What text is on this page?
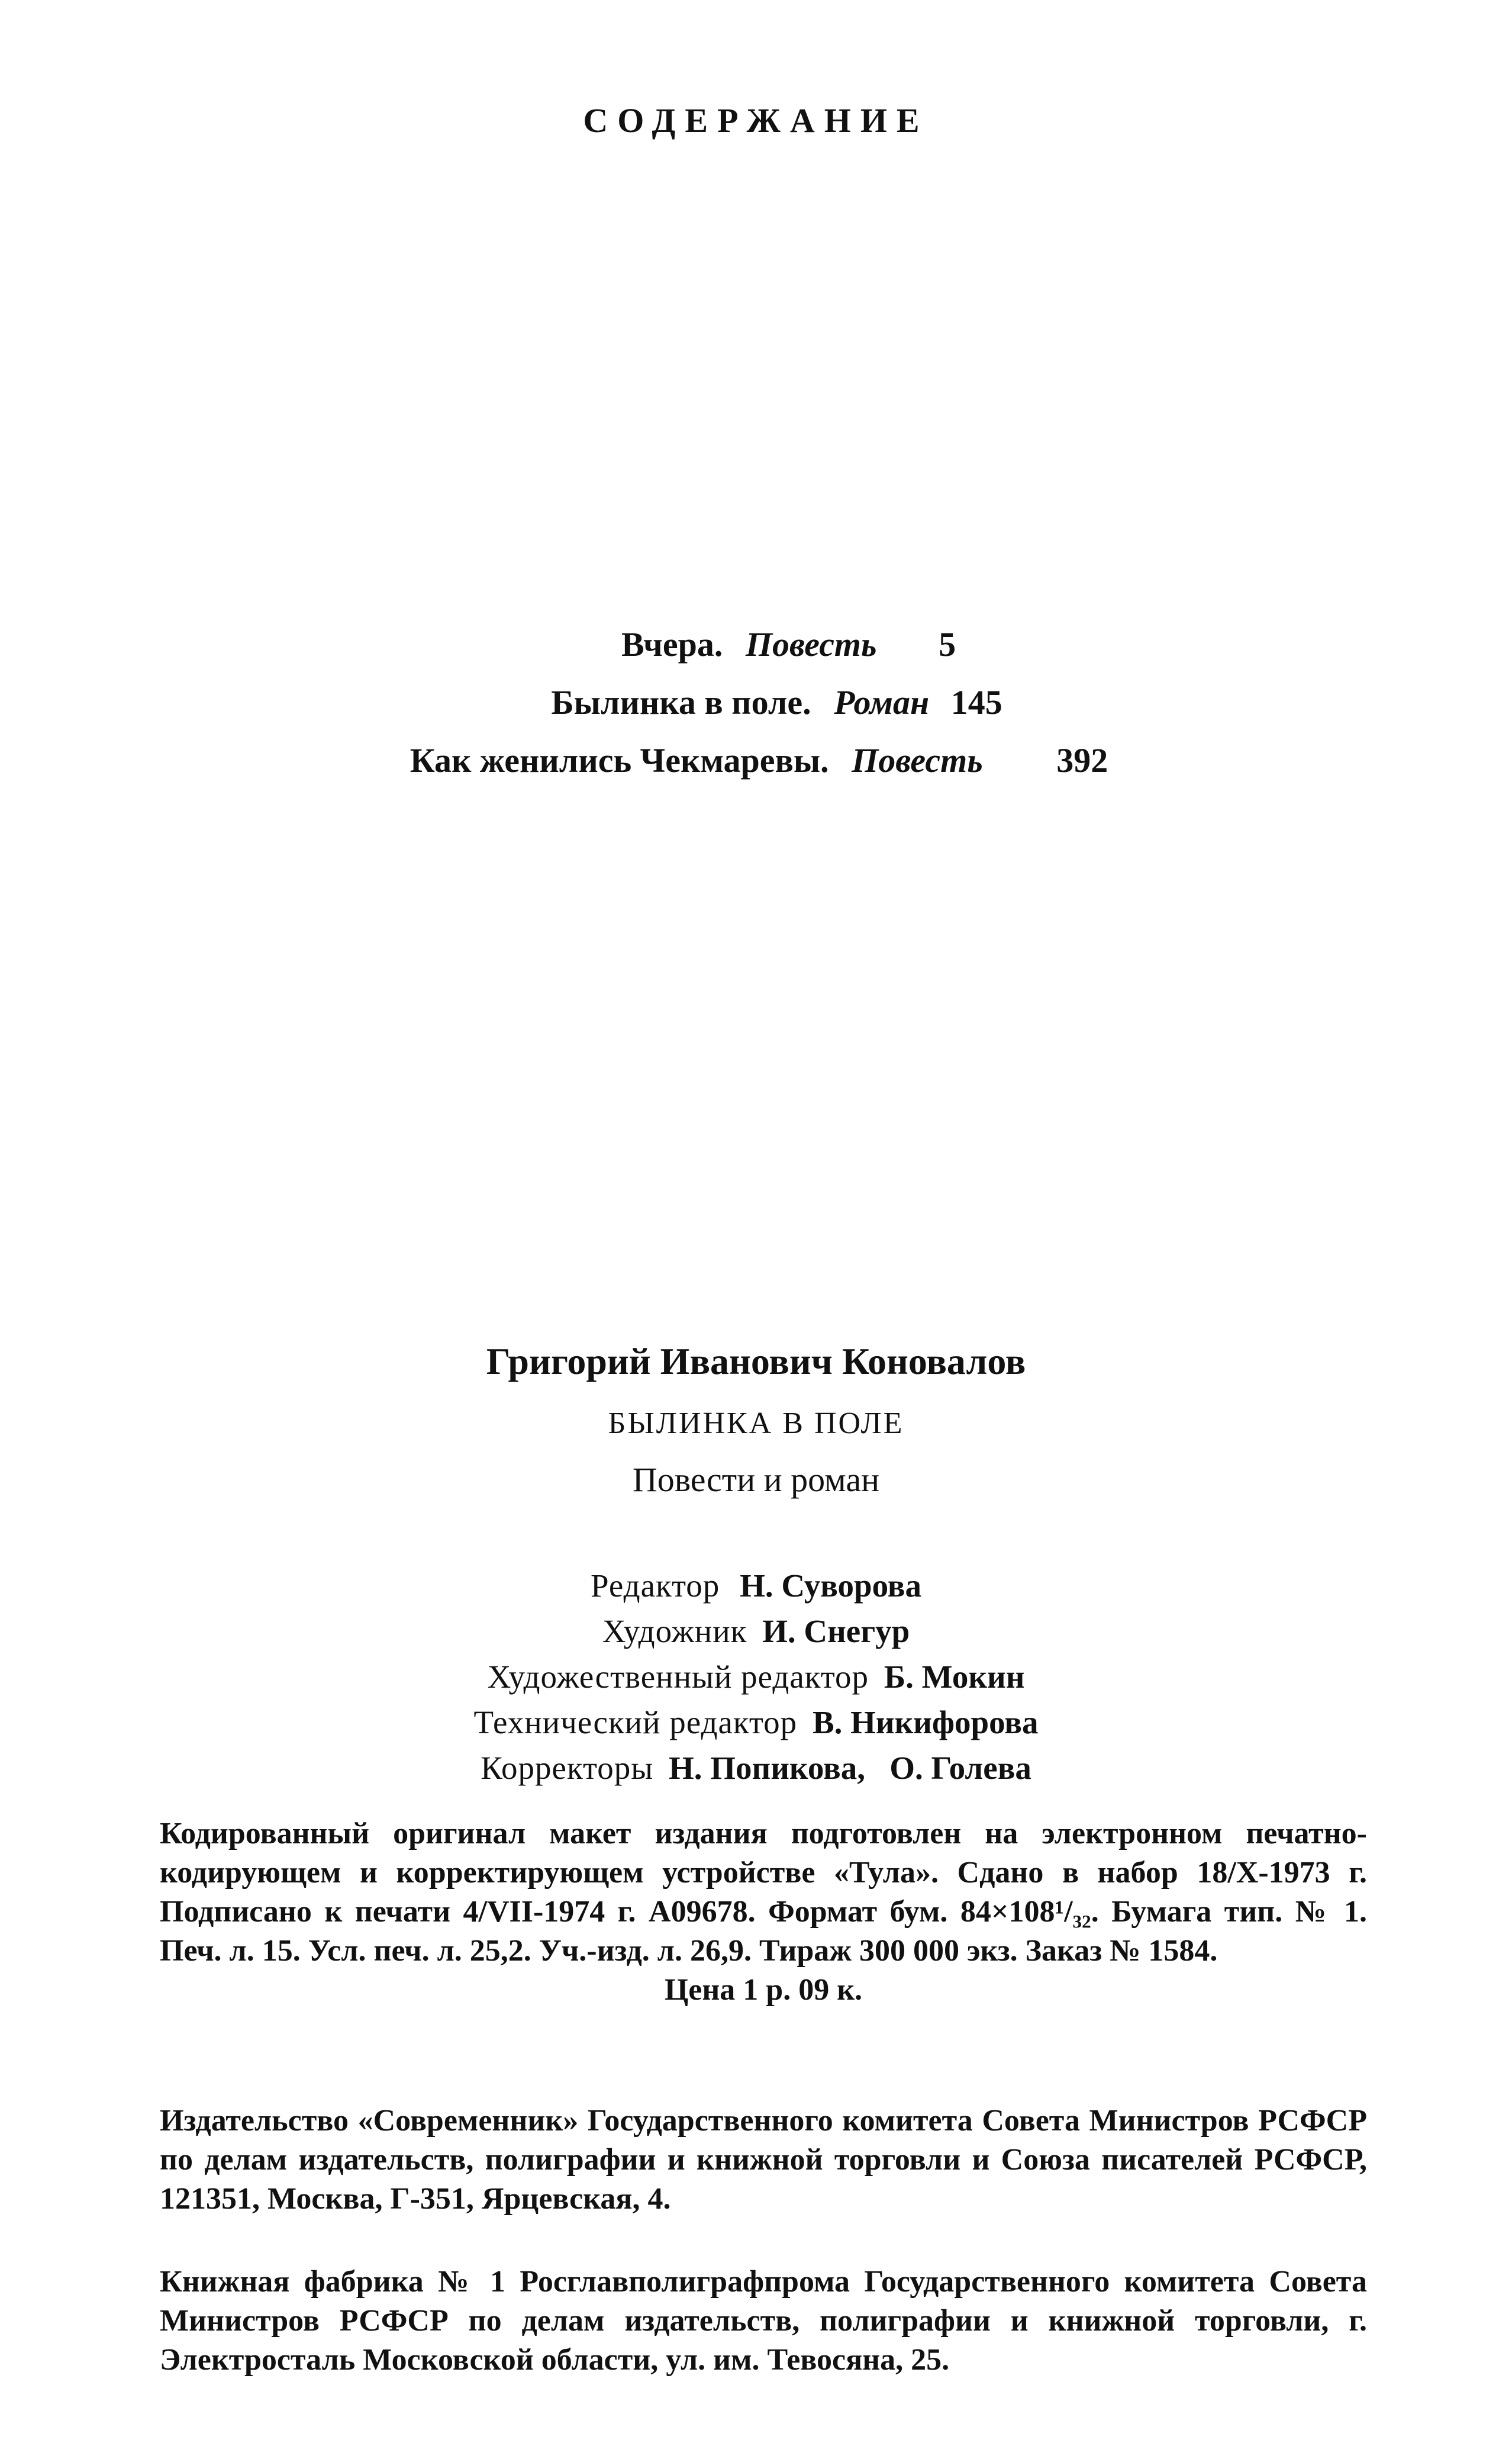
СОДЕРЖАНИЕ
Вчера. Повесть 5
Былинка в поле. Роман 145
Как женились Чекмаревы. Повесть 392
Григорий Иванович Коновалов
БЫЛИНКА В ПОЛЕ
Повести и роман
Редактор Н. Суворова
Художник И. Снегур
Художественный редактор Б. Мокин
Технический редактор В. Никифорова
Корректоры Н. Попикова,   О. Голева
Кодированный оригинал макет издания подготовлен на электронном печатно-кодирующем и корректирующем устройстве «Тула». Сдано в набор 18/X-1973 г. Подписано к печати 4/VII-1974 г. А09678. Формат бум. 84×108¹/₃₂. Бумага тип. № 1. Печ. л. 15. Усл. печ. л. 25,2. Уч.-изд. л. 26,9. Тираж 300 000 экз. Заказ № 1584.
Цена 1 р. 09 к.
Издательство «Современник» Государственного комитета Совета Министров РСФСР по делам издательств, полиграфии и книжной торговли и Союза писателей РСФСР, 121351, Москва, Г-351, Ярцевская, 4.
Книжная фабрика № 1 Росглавполиграфпрома Государственного комитета Совета Министров РСФСР по делам издательств, полиграфии и книжной торговли, г. Электросталь Московской области, ул. им. Тевосяна, 25.
